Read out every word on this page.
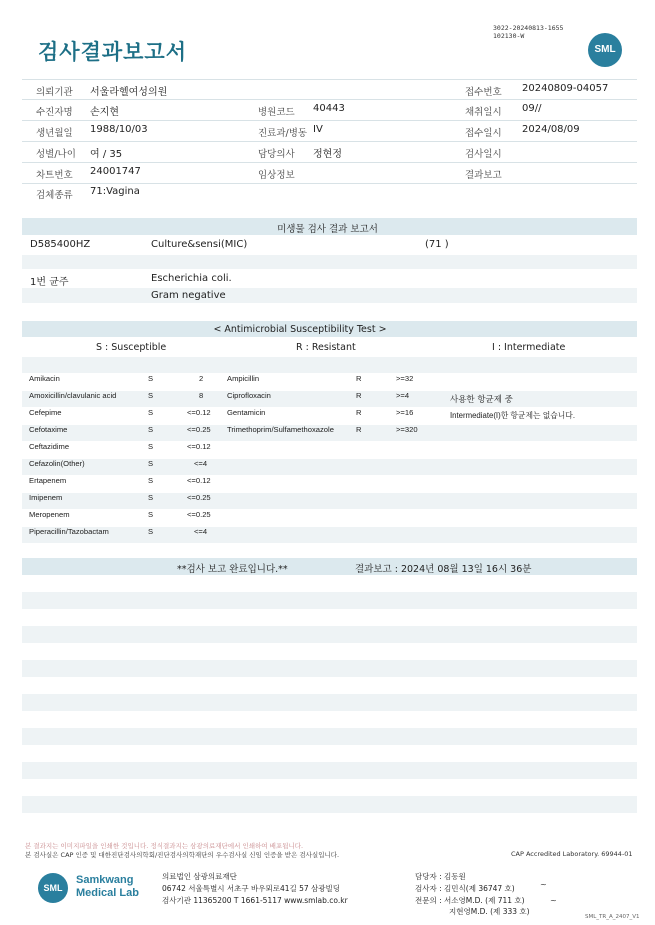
검사결과보고서
3022-20240813-1655
102130-W
SML
의뢰기관 서울라헬여성의원	접수번호 20240809-04057
수진자명 손지현	병원코드 40443	채취일시 09//
생년월일 1988/10/03	진료과/병동 IV	접수일시 2024/08/09
성별/나이 여 / 35	담당의사 정현정	검사일시
차트번호 24001747	임상정보	결과보고
검체종류 71:Vagina
미생물 검사 결과 보고서
D585400HZ	Culture&sensi(MIC)	(71 )
1번 균주	Escherichia coli.
Gram negative
< Antimicrobial Susceptibility Test >
S : Susceptible	R : Resistant	I : Intermediate
Amikacin	S	2
Amoxicillin/clavulanic acid	S	8
Cefepime	S	<=0.12
Cefotaxime	S	<=0.25
Ceftazidime	S	<=0.12
Cefazolin(Other)	S	<=4
Ertapenem	S	<=0.12
Imipenem	S	<=0.25
Meropenem	S	<=0.25
Piperacillin/Tazobactam	S	<=4
Ampicillin	R	>=32
Ciprofloxacin	R	>=4
Gentamicin	R	>=16
Trimethoprim/Sulfamethoxazole	R	>=320
사용한 항균제 중
Intermediate(I)한 항균제는 없습니다.
**검사 보고 완료입니다.**	결과보고 : 2024년 08월 13일 16시 36분
본 결과지는 이미지파일을 인쇄한 것입니다. 정식결과지는 삼광의료재단에서 인쇄하여 배포됩니다.
본 검사실은 CAP 인증 및 대한진단검사의학회/진단검사의학재단의 우수검사실 신임 인증을 받은 검사실입니다.	CAP Accredited Laboratory. 69944-01
SML
Samkwang
Medical Lab
의료법인 삼광의료재단
06742 서울특별시 서초구 바우뫼로41길 57 삼광빌딩
검사기관 11365200 T 1661-5117 www.smlab.co.kr
담당자 : 김동원
검사자 : 김민식(제 36747 호)
전문의 : 서소영M.D. (제 711 호)
지현영M.D. (제 333 호)
~
~
SML_TR_A_2407_V1
